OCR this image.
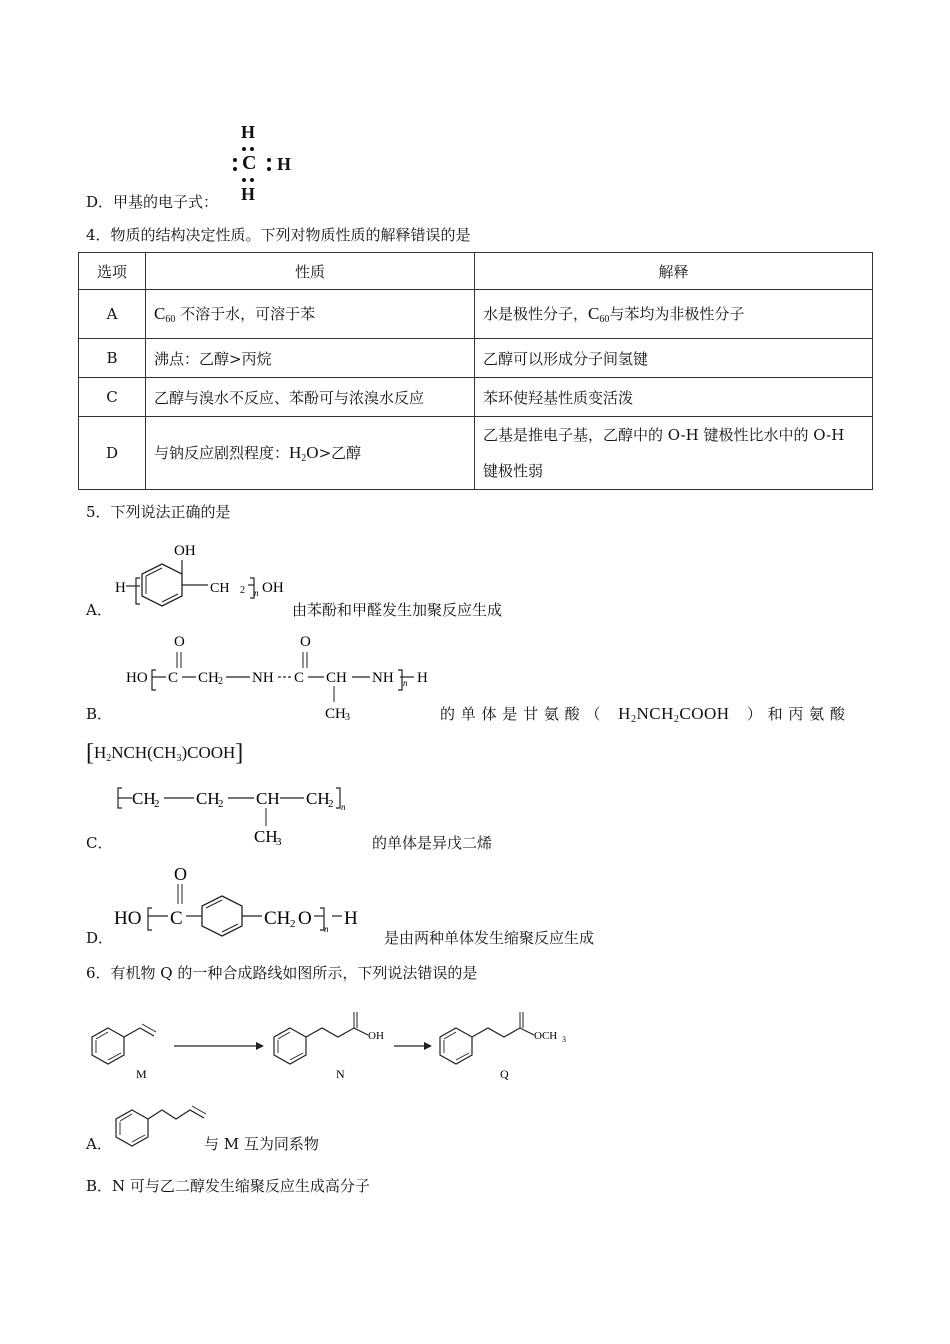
D．甲基的电子式：
H
C H
H
4．物质的结构决定性质。下列对物质性质的解释错误的是
选项	性质	解释
A	$C_{60}$ 不溶于水，可溶于苯	水是极性分子，$C_{60}$与苯均为非极性分子
B	沸点：乙醇>丙烷	乙醇可以形成分子间氢键
C	乙醇与溴水不反应、苯酚可与浓溴水反应	苯环使羟基性质变活泼
D	与钠反应剧烈程度：$H_2O>$乙醇	乙基是推电子基，乙醇中的 O-H 键极性比水中的 O-H
键极性弱
5．下列说法正确的是
A．
OH
H	CH 2 n OH
由苯酚和甲醛发生加聚反应生成
O	O
HO C CH 2 NH C CH
CH 3
NH n H
B．	的 单 体 是 甘 氨 酸 （ $H_2NCH_2COOH$ ） 和 丙 氨 酸
$[H_2NCH(CH_3)COOH]$
CH
2 CH
2 CH CH
2 n
CH
3
C．	的单体是异戊二烯
D．
O
HO C	CH 2 O n H
是由两种单体发生缩聚反应生成
6．有机物 Q 的一种合成路线如图所示，下列说法错误的是
M
OH
N
OCH 3
Q
A．	与 M 互为同系物
B．N 可与乙二醇发生缩聚反应生成高分子
